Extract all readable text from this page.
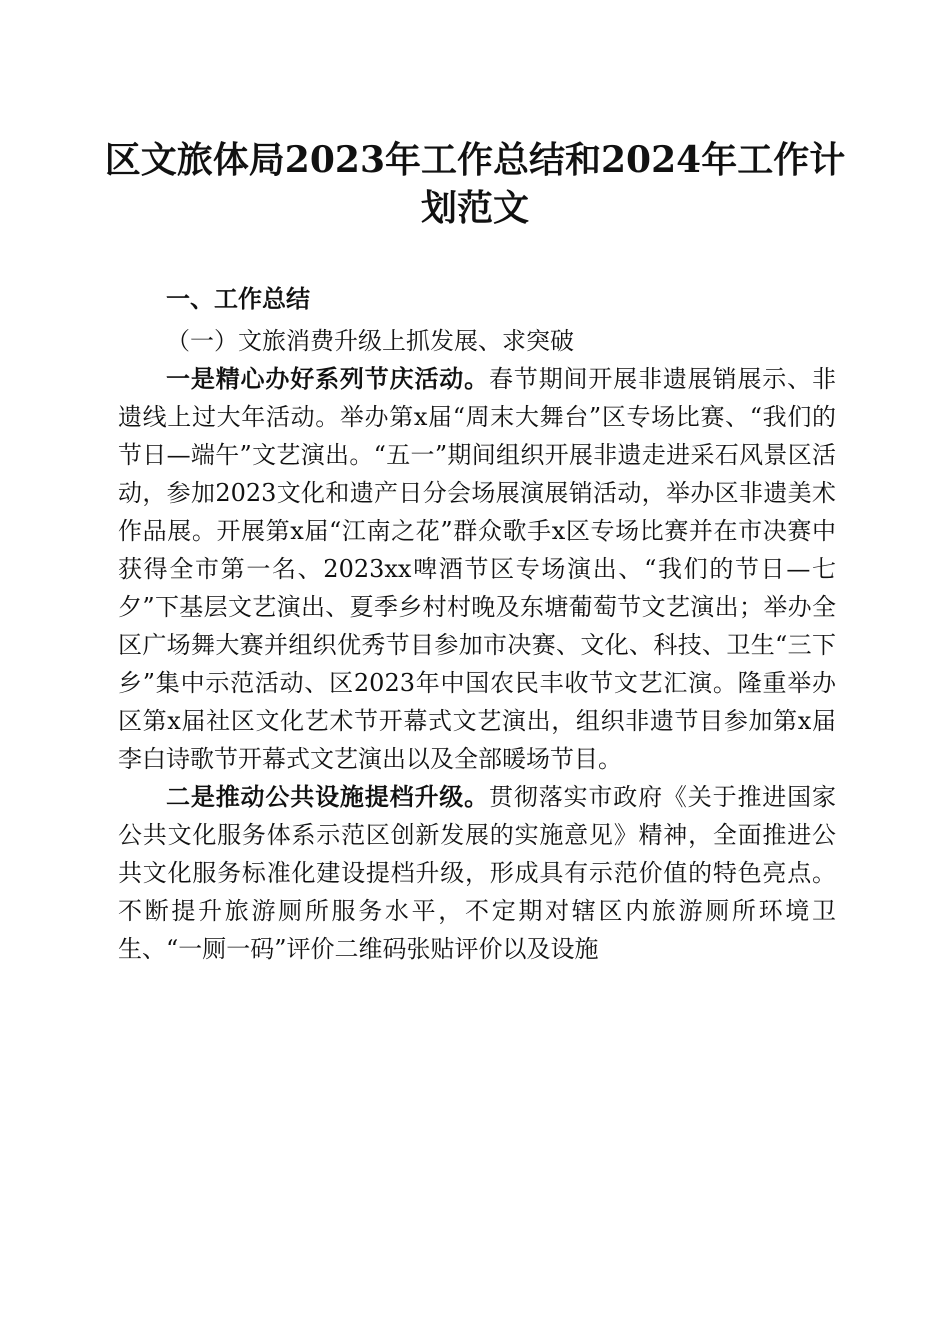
区文旅体局2023年工作总结和2024年工作计划范文

一、工作总结

（一）文旅消费升级上抓发展、求突破

一是精心办好系列节庆活动。春节期间开展非遗展销展示、非遗线上过大年活动。举办第x届“周末大舞台”区专场比赛、“我们的节日—端午”文艺演出。“五一”期间组织开展非遗走进采石风景区活动，参加2023文化和遗产日分会场展演展销活动，举办区非遗美术作品展。开展第x届“江南之花”群众歌手x区专场比赛并在市决赛中获得全市第一名、2023xx啤酒节区专场演出、“我们的节日—七夕”下基层文艺演出、夏季乡村村晚及东塘葡萄节文艺演出；举办全区广场舞大赛并组织优秀节目参加市决赛、文化、科技、卫生“三下乡”集中示范活动、区2023年中国农民丰收节文艺汇演。隆重举办区第x届社区文化艺术节开幕式文艺演出，组织非遗节目参加第x届李白诗歌节开幕式文艺演出以及全部暖场节目。

二是推动公共设施提档升级。贯彻落实市政府《关于推进国家公共文化服务体系示范区创新发展的实施意见》精神，全面推进公共文化服务标准化建设提档升级，形成具有示范价值的特色亮点。不断提升旅游厕所服务水平，不定期对辖区内旅游厕所环境卫生、“一厕一码”评价二维码张贴评价以及设施
